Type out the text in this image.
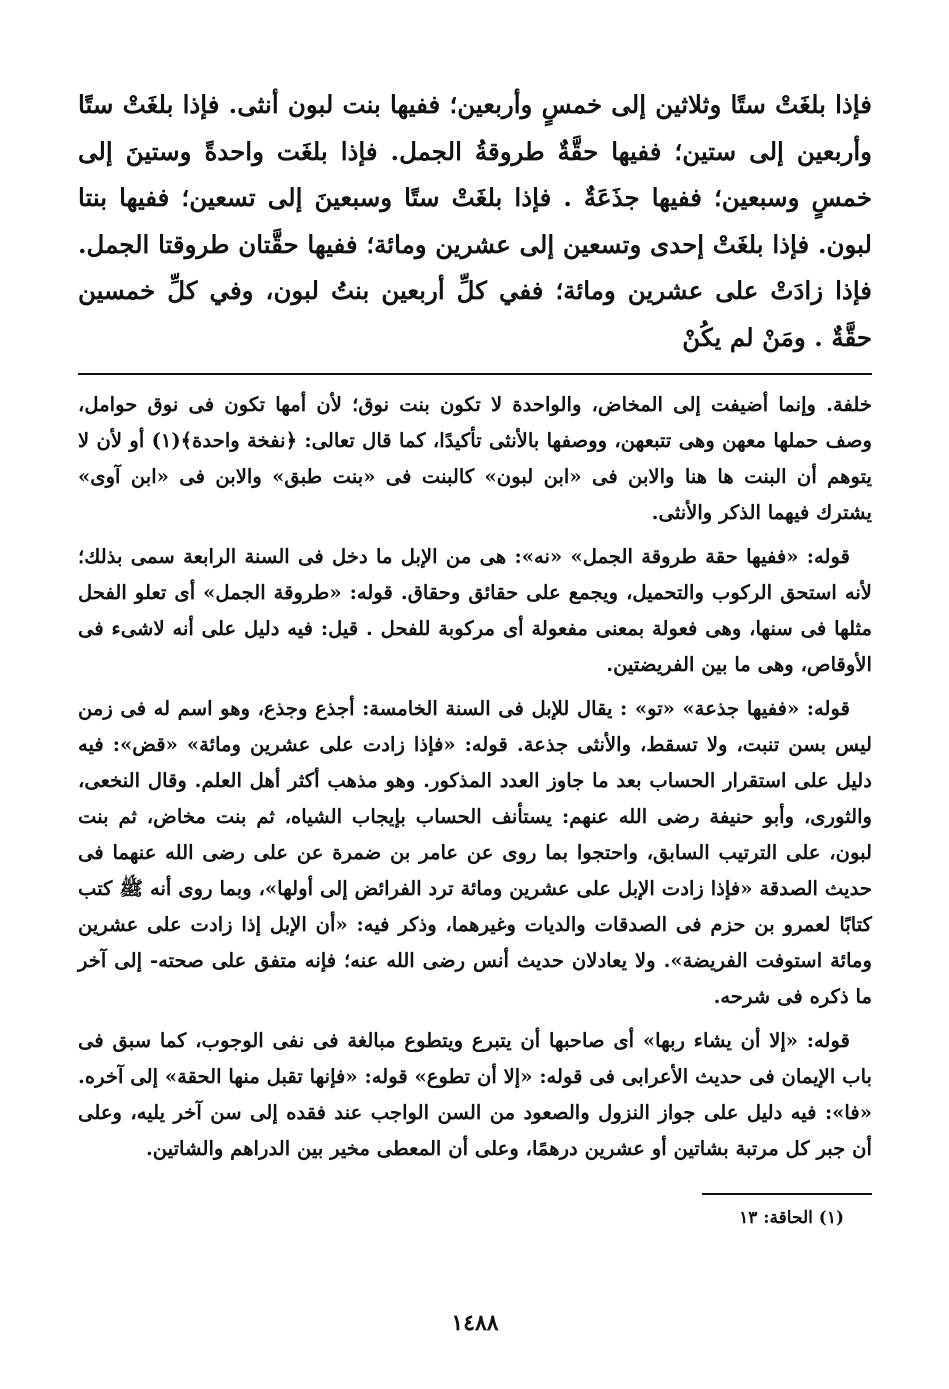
فإذا بلغَتْ ستًا وثلاثين إلى خمسٍ وأربعين؛ ففيها بنت لبون أنثى. فإذا بلغَتْ ستًا وأربعين إلى ستين؛ ففيها حقَّةٌ طروقةُ الجمل. فإذا بلغَت واحدةً وستينَ إلى خمسٍ وسبعين؛ ففيها جذَعَةٌ . فإذا بلغَتْ ستًا وسبعينَ إلى تسعين؛ ففيها بنتا لبون. فإذا بلغَتْ إحدى وتسعين إلى عشرين ومائة؛ ففيها حقَّتان طروقتا الجمل. فإذا زادَتْ على عشرين ومائة؛ ففي كلِّ أربعين بنتُ لبون، وفي كلِّ خمسين حقَّةٌ . ومَنْ لم يكُنْ

خلفة. وإنما أضيفت إلى المخاض، والواحدة لا تكون بنت نوق؛ لأن أمها تكون فى نوق حوامل، وصف حملها معهن وهى تتبعهن، ووصفها بالأنثى تأكيدًا، كما قال تعالى: ﴿نفخة واحدة﴾(١) أو لأن لا يتوهم أن البنت ها هنا والابن فى «ابن لبون» كالبنت فى «بنت طبق» والابن فى «ابن آوى» يشترك فيهما الذكر والأنثى.

قوله: «ففيها حقة طروقة الجمل» «نه»: هى من الإبل ما دخل فى السنة الرابعة سمى بذلك؛ لأنه استحق الركوب والتحميل، ويجمع على حقائق وحقاق. قوله: «طروقة الجمل» أى تعلو الفحل مثلها فى سنها، وهى فعولة بمعنى مفعولة أى مركوبة للفحل . قيل: فيه دليل على أنه لاشىء فى الأوقاص، وهى ما بين الفريضتين.

قوله: «ففيها جذعة» «تو» : يقال للإبل فى السنة الخامسة: أجذع وجذع، وهو اسم له فى زمن ليس بسن تنبت، ولا تسقط، والأنثى جذعة. قوله: «فإذا زادت على عشرين ومائة» «قض»: فيه دليل على استقرار الحساب بعد ما جاوز العدد المذكور. وهو مذهب أكثر أهل العلم. وقال النخعى، والثورى، وأبو حنيفة رضى الله عنهم: يستأنف الحساب بإيجاب الشياه، ثم بنت مخاض، ثم بنت لبون، على الترتيب السابق، واحتجوا بما روى عن عامر بن ضمرة عن على رضى الله عنهما فى حديث الصدقة «فإذا زادت الإبل على عشرين ومائة ترد الفرائض إلى أولها»، وبما روى أنه ﷺ كتب كتابًا لعمرو بن حزم فى الصدقات والديات وغيرهما، وذكر فيه: «أن الإبل إذا زادت على عشرين ومائة استوفت الفريضة». ولا يعادلان حديث أنس رضى الله عنه؛ فإنه متفق على صحته- إلى آخر ما ذكره فى شرحه.

قوله: «إلا أن يشاء ربها» أى صاحبها أن يتبرع ويتطوع مبالغة فى نفى الوجوب، كما سبق فى باب الإيمان فى حديث الأعرابى فى قوله: «إلا أن تطوع» قوله: «فإنها تقبل منها الحقة» إلى آخره. «فا»: فيه دليل على جواز النزول والصعود من السن الواجب عند فقده إلى سن آخر يليه، وعلى أن جبر كل مرتبة بشاتين أو عشرين درهمًا، وعلى أن المعطى مخير بين الدراهم والشاتين.

(١) الحاقة: ١٣
١٤٨٨
